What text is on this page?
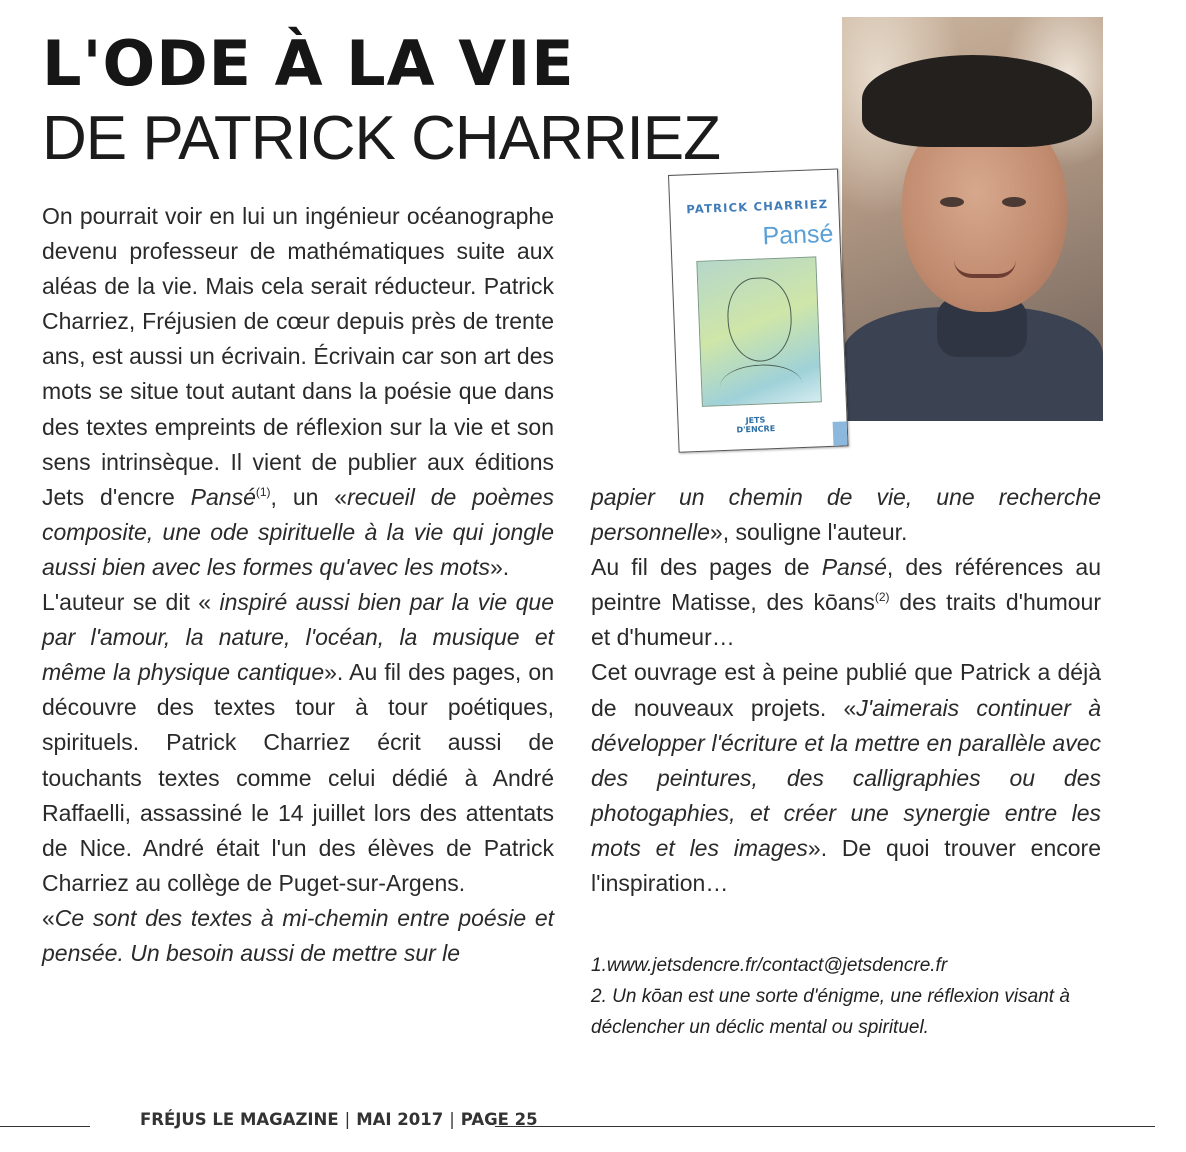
L'ODE À LA VIE
DE PATRICK CHARRIEZ
PATRICK CHARRIEZ
Pansé
JETS
D'ENCRE

On pourrait voir en lui un ingénieur océanographe devenu professeur de mathématiques suite aux aléas de la vie. Mais cela serait réducteur. Patrick Charriez, Fréjusien de cœur depuis près de trente ans, est aussi un écrivain. Écrivain car son art des mots se situe tout autant dans la poésie que dans des textes empreints de réflexion sur la vie et son sens intrinsèque. Il vient de publier aux éditions Jets d'encre Pansé$^{(1)}$, un «recueil de poèmes composite, une ode spirituelle à la vie qui jongle aussi bien avec les formes qu'avec les mots».

L'auteur se dit « inspiré aussi bien par la vie que par l'amour, la nature, l'océan, la musique et même la physique cantique». Au fil des pages, on découvre des textes tour à tour poétiques, spirituels. Patrick Charriez écrit aussi de touchants textes comme celui dédié à André Raffaelli, assassiné le 14 juillet lors des attentats de Nice. André était l'un des élèves de Patrick Charriez au collège de Puget-sur-Argens.

«Ce sont des textes à mi-chemin entre poésie et pensée. Un besoin aussi de mettre sur le

papier un chemin de vie, une recherche personnelle», souligne l'auteur.

Au fil des pages de Pansé, des références au peintre Matisse, des kōans$^{(2)}$ des traits d'humour et d'humeur…

Cet ouvrage est à peine publié que Patrick a déjà de nouveaux projets. «J'aimerais continuer à développer l'écriture et la mettre en parallèle avec des peintures, des calligraphies ou des photogaphies, et créer une synergie entre les mots et les images». De quoi trouver encore l'inspiration…

1.www.jetsdencre.fr/contact@jetsdencre.fr

2. Un kōan est une sorte d'énigme, une réflexion visant à déclencher un déclic mental ou spirituel.

FRÉJUS LE MAGAZINE | MAI 2017 | PAGE 25
